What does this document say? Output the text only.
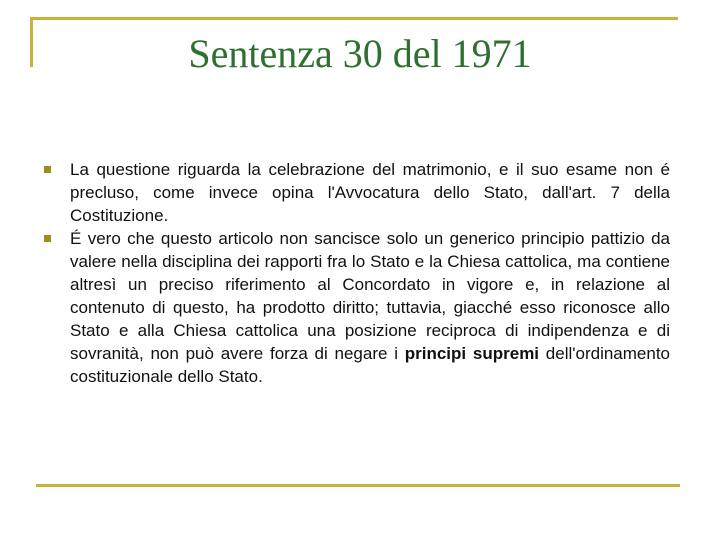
Sentenza 30 del 1971
La questione riguarda la celebrazione del matrimonio, e il suo esame non é precluso, come invece opina l'Avvocatura dello Stato, dall'art. 7 della Costituzione.
É vero che questo articolo non sancisce solo un generico principio pattizio da valere nella disciplina dei rapporti fra lo Stato e la Chiesa cattolica, ma contiene altresì un preciso riferimento al Concordato in vigore e, in relazione al contenuto di questo, ha prodotto diritto; tuttavia, giacché esso riconosce allo Stato e alla Chiesa cattolica una posizione reciproca di indipendenza e di sovranità, non può avere forza di negare i principi supremi dell'ordinamento costituzionale dello Stato.
